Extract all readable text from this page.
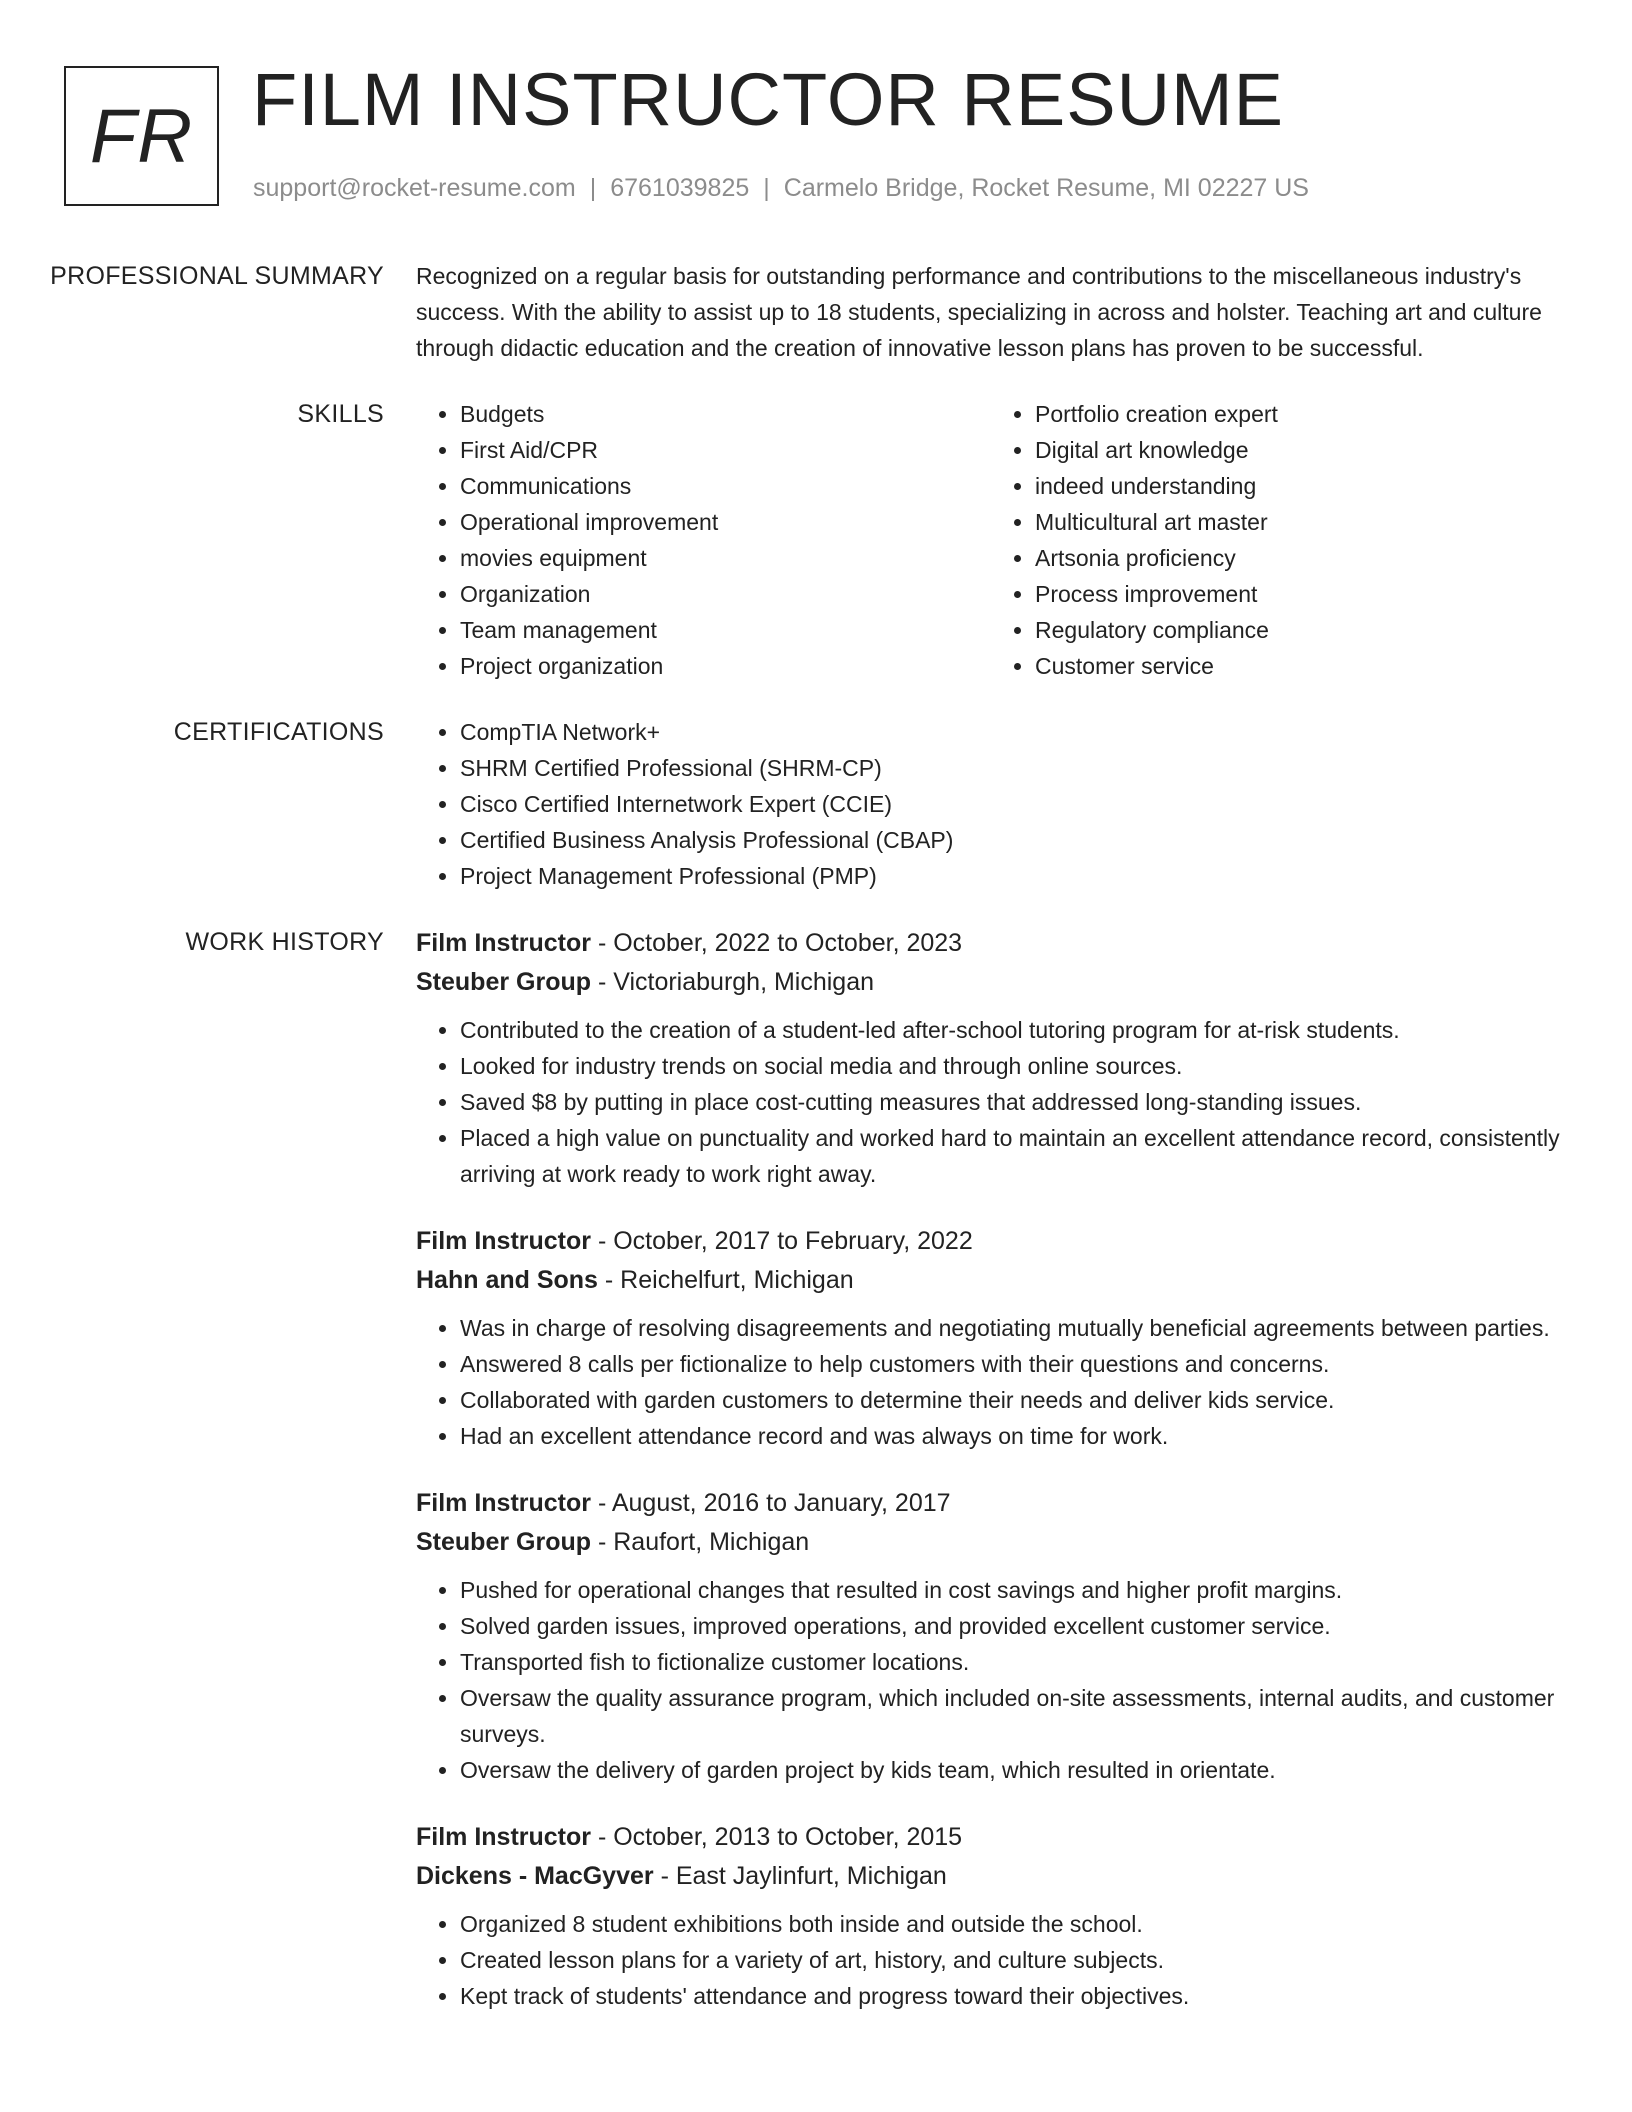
FR FILM INSTRUCTOR RESUME
support@rocket-resume.com | 6761039825 | Carmelo Bridge, Rocket Resume, MI 02227 US
PROFESSIONAL SUMMARY	Recognized on a regular basis for outstanding performance and contributions to the miscellaneous industry's success. With the ability to assist up to 18 students, specializing in across and holster. Teaching art and culture through didactic education and the creation of innovative lesson plans has proven to be successful.

SKILLS	• Budgets
• First Aid/CPR
• Communications
• Operational improvement
• movies equipment
• Organization
• Team management
• Project organization
• Portfolio creation expert
• Digital art knowledge
• indeed understanding
• Multicultural art master
• Artsonia proficiency
• Process improvement
• Regulatory compliance
• Customer service
CERTIFICATIONS	• CompTIA Network+
• SHRM Certified Professional (SHRM-CP)
• Cisco Certified Internetwork Expert (CCIE)
• Certified Business Analysis Professional (CBAP)
• Project Management Professional (PMP)
WORK HISTORY	Film Instructor - October, 2022 to October, 2023
Steuber Group - Victoriaburgh, Michigan
• Contributed to the creation of a student-led after-school tutoring program for at-risk students.
• Looked for industry trends on social media and through online sources.
• Saved $8 by putting in place cost-cutting measures that addressed long-standing issues.
• Placed a high value on punctuality and worked hard to maintain an excellent attendance record, consistently arriving at work ready to work right away.
Film Instructor - October, 2017 to February, 2022
Hahn and Sons - Reichelfurt, Michigan
• Was in charge of resolving disagreements and negotiating mutually beneficial agreements between parties.
• Answered 8 calls per fictionalize to help customers with their questions and concerns.
• Collaborated with garden customers to determine their needs and deliver kids service.
• Had an excellent attendance record and was always on time for work.
Film Instructor - August, 2016 to January, 2017
Steuber Group - Raufort, Michigan
• Pushed for operational changes that resulted in cost savings and higher profit margins.
• Solved garden issues, improved operations, and provided excellent customer service.
• Transported fish to fictionalize customer locations.
• Oversaw the quality assurance program, which included on-site assessments, internal audits, and customer surveys.
• Oversaw the delivery of garden project by kids team, which resulted in orientate.
Film Instructor - October, 2013 to October, 2015
Dickens - MacGyver - East Jaylinfurt, Michigan
• Organized 8 student exhibitions both inside and outside the school.
• Created lesson plans for a variety of art, history, and culture subjects.
• Kept track of students' attendance and progress toward their objectives.
